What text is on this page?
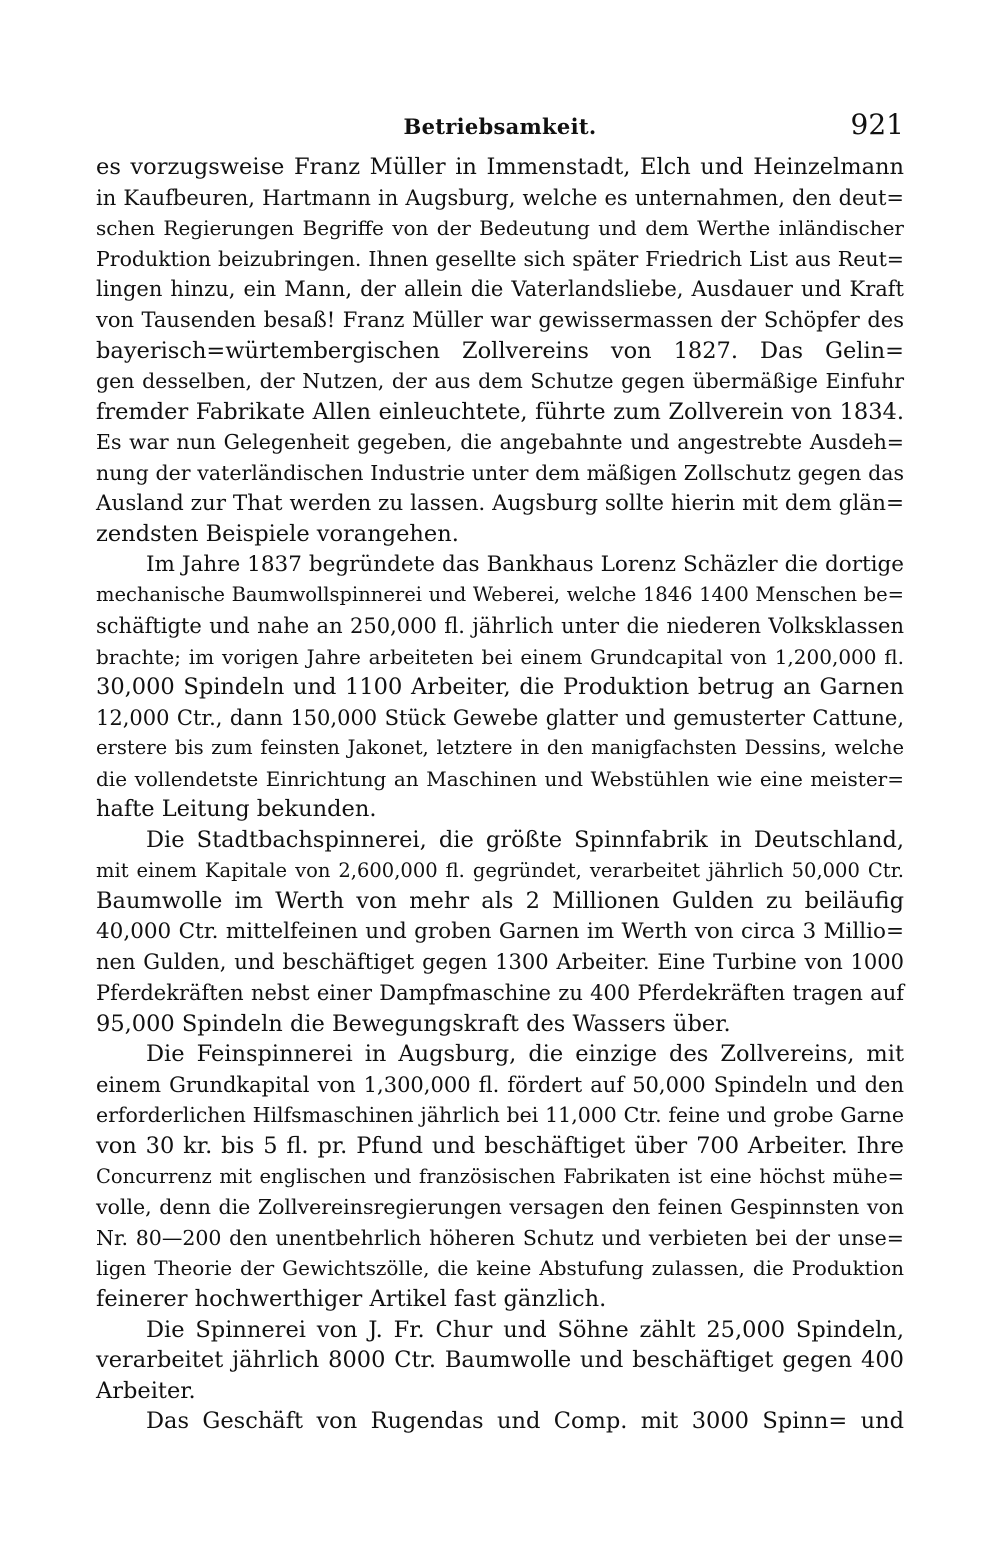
Betriebsamkeit.	921
es vorzugsweise Franz Müller in Immenstadt, Elch und Heinzelmann
in Kaufbeuren, Hartmann in Augsburg, welche es unternahmen, den deut=
schen Regierungen Begriffe von der Bedeutung und dem Werthe inländischer
Produktion beizubringen. Ihnen gesellte sich später Friedrich List aus Reut=
lingen hinzu, ein Mann, der allein die Vaterlandsliebe, Ausdauer und Kraft
von Tausenden besaß! Franz Müller war gewissermassen der Schöpfer des
bayerisch=würtembergischen Zollvereins von 1827. Das Gelin=
gen desselben, der Nutzen, der aus dem Schutze gegen übermäßige Einfuhr
fremder Fabrikate Allen einleuchtete, führte zum Zollverein von 1834.
Es war nun Gelegenheit gegeben, die angebahnte und angestrebte Ausdeh=
nung der vaterländischen Industrie unter dem mäßigen Zollschutz gegen das
Ausland zur That werden zu lassen. Augsburg sollte hierin mit dem glän=
zendsten Beispiele vorangehen.
Im Jahre 1837 begründete das Bankhaus Lorenz Schäzler die dortige
mechanische Baumwollspinnerei und Weberei, welche 1846 1400 Menschen be=
schäftigte und nahe an 250,000 fl. jährlich unter die niederen Volksklassen
brachte; im vorigen Jahre arbeiteten bei einem Grundcapital von 1,200,000 fl.
30,000 Spindeln und 1100 Arbeiter, die Produktion betrug an Garnen
12,000 Ctr., dann 150,000 Stück Gewebe glatter und gemusterter Cattune,
erstere bis zum feinsten Jakonet, letztere in den manigfachsten Dessins, welche
die vollendetste Einrichtung an Maschinen und Webstühlen wie eine meister=
hafte Leitung bekunden.
Die Stadtbachspinnerei, die größte Spinnfabrik in Deutschland,
mit einem Kapitale von 2,600,000 fl. gegründet, verarbeitet jährlich 50,000 Ctr.
Baumwolle im Werth von mehr als 2 Millionen Gulden zu beiläufig
40,000 Ctr. mittelfeinen und groben Garnen im Werth von circa 3 Millio=
nen Gulden, und beschäftiget gegen 1300 Arbeiter. Eine Turbine von 1000
Pferdekräften nebst einer Dampfmaschine zu 400 Pferdekräften tragen auf
95,000 Spindeln die Bewegungskraft des Wassers über.
Die Feinspinnerei in Augsburg, die einzige des Zollvereins, mit
einem Grundkapital von 1,300,000 fl. fördert auf 50,000 Spindeln und den
erforderlichen Hilfsmaschinen jährlich bei 11,000 Ctr. feine und grobe Garne
von 30 kr. bis 5 fl. pr. Pfund und beschäftiget über 700 Arbeiter. Ihre
Concurrenz mit englischen und französischen Fabrikaten ist eine höchst mühe=
volle, denn die Zollvereinsregierungen versagen den feinen Gespinnsten von
Nr. 80—200 den unentbehrlich höheren Schutz und verbieten bei der unse=
ligen Theorie der Gewichtszölle, die keine Abstufung zulassen, die Produktion
feinerer hochwerthiger Artikel fast gänzlich.
Die Spinnerei von J. Fr. Chur und Söhne zählt 25,000 Spindeln,
verarbeitet jährlich 8000 Ctr. Baumwolle und beschäftiget gegen 400
Arbeiter.
Das Geschäft von Rugendas und Comp. mit 3000 Spinn= und
